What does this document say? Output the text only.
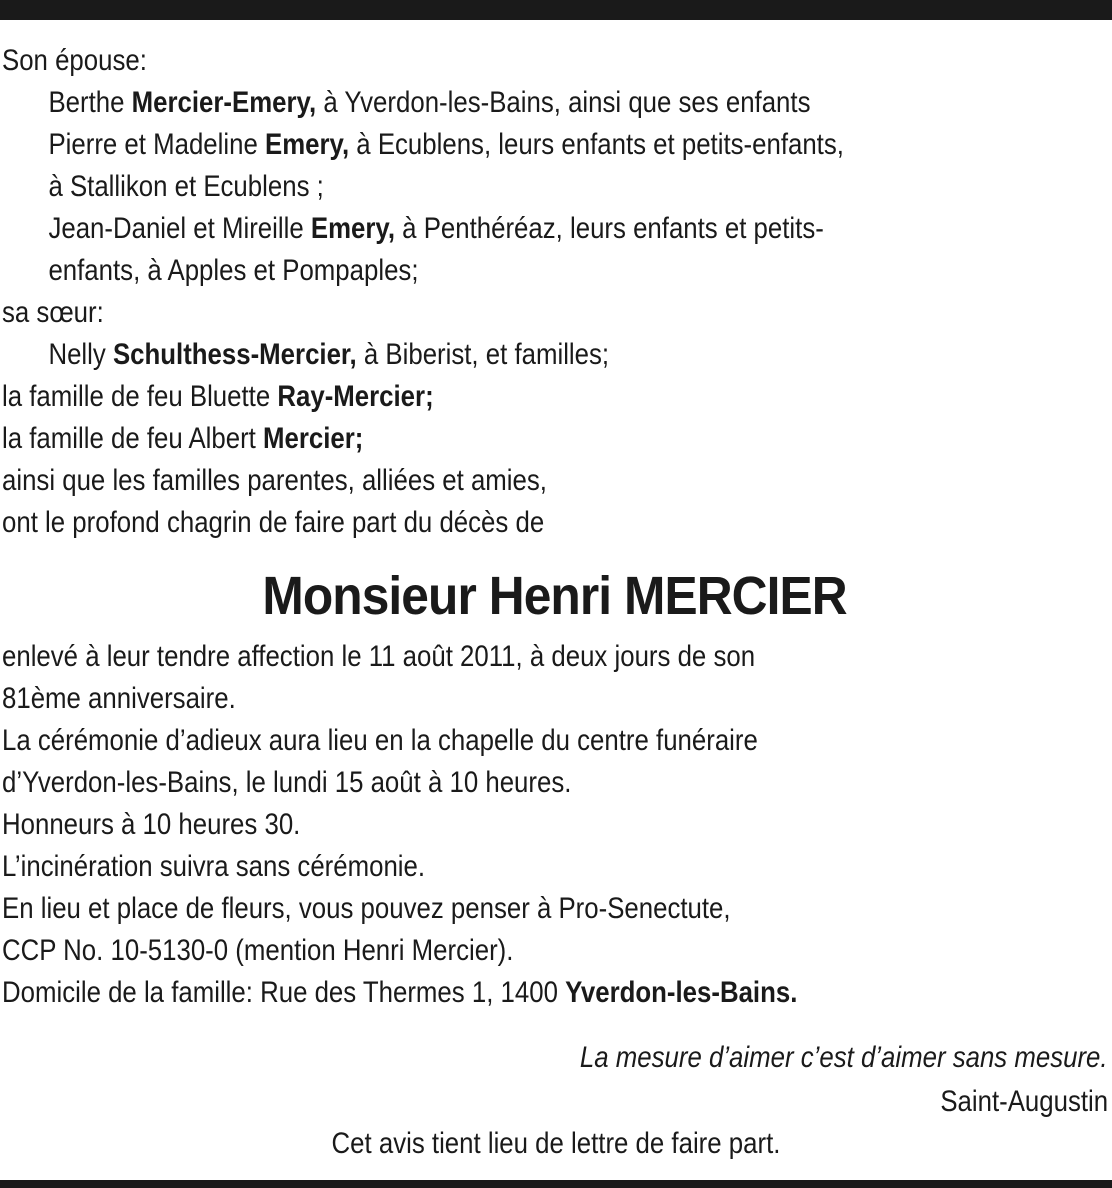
Son épouse:
Berthe Mercier-Emery, à Yverdon-les-Bains, ainsi que ses enfants
Pierre et Madeline Emery, à Ecublens, leurs enfants et petits-enfants,
à Stallikon et Ecublens ;
Jean-Daniel et Mireille Emery, à Penthéréaz, leurs enfants et petits-
enfants, à Apples et Pompaples;
sa sœur:
Nelly Schulthess-Mercier, à Biberist, et familles;
la famille de feu Bluette Ray-Mercier;
la famille de feu Albert Mercier;
ainsi que les familles parentes, alliées et amies,
ont le profond chagrin de faire part du décès de
Monsieur Henri MERCIER
enlevé à leur tendre affection le 11 août 2011, à deux jours de son
81ème anniversaire.
La cérémonie d’adieux aura lieu en la chapelle du centre funéraire
d’Yverdon-les-Bains, le lundi 15 août à 10 heures.
Honneurs à 10 heures 30.
L’incinération suivra sans cérémonie.
En lieu et place de fleurs, vous pouvez penser à Pro-Senectute,
CCP No. 10-5130-0 (mention Henri Mercier).
Domicile de la famille: Rue des Thermes 1, 1400 Yverdon-les-Bains.
La mesure d’aimer c’est d’aimer sans mesure.
Saint-Augustin
Cet avis tient lieu de lettre de faire part.
